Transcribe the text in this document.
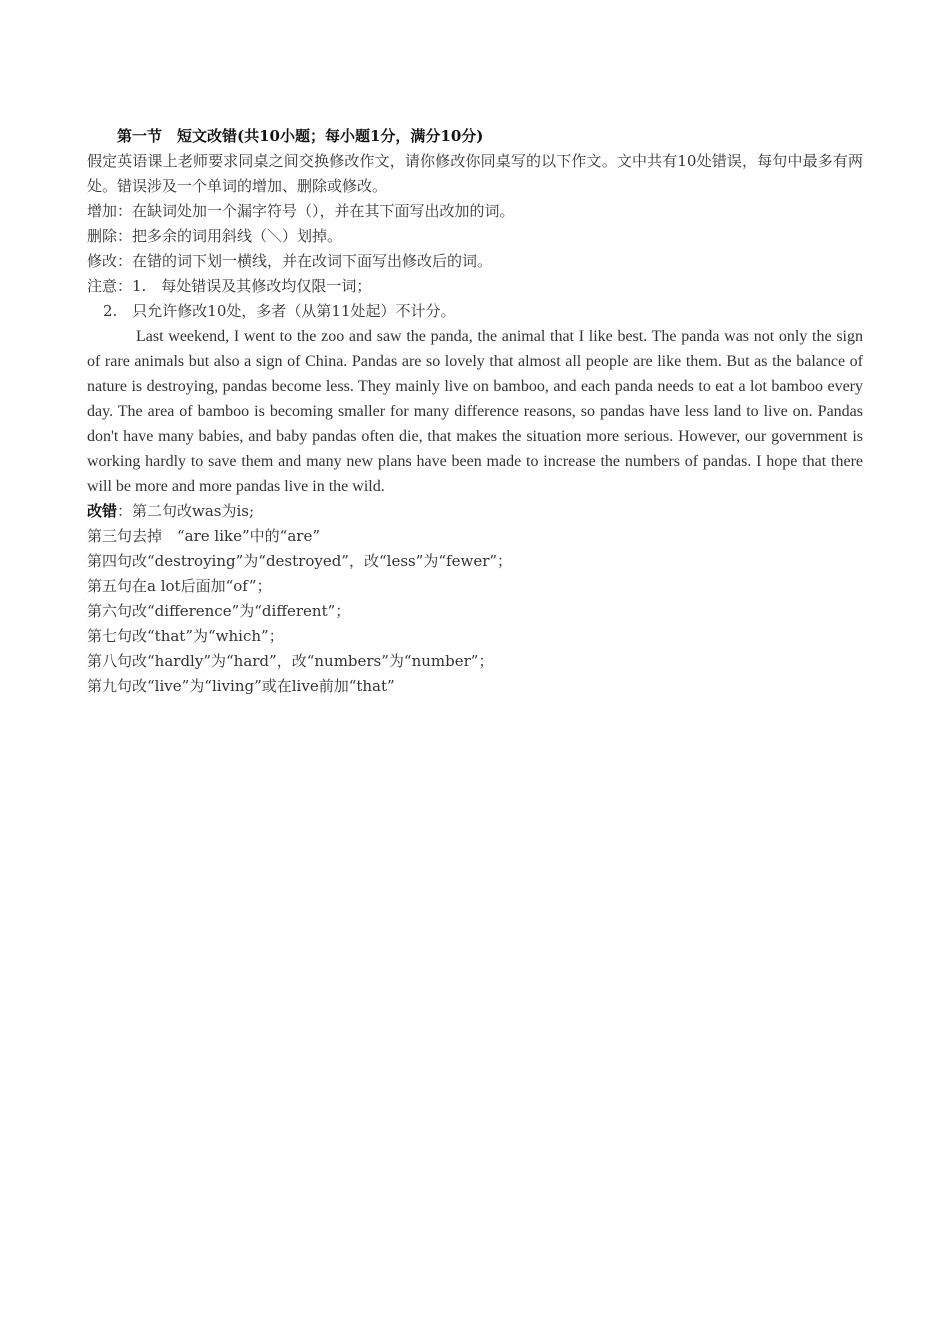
第一节　短文改错(共10小题；每小题1分，满分10分)
假定英语课上老师要求同桌之间交换修改作文，请你修改你同桌写的以下作文。文中共有10处错误，每句中最多有两处。错误涉及一个单词的增加、删除或修改。
增加：在缺词处加一个漏字符号（），并在其下面写出改加的词。
删除：把多余的词用斜线（＼）划掉。
修改：在错的词下划一横线，并在改词下面写出修改后的词。
注意：1.　每处错误及其修改均仅限一词；
2.　只允许修改10处，多者（从第11处起）不计分。
Last weekend, I went to the zoo and saw the panda, the animal that I like best. The panda was not only the sign of rare animals but also a sign of China. Pandas are so lovely that almost all people are like them. But as the balance of nature is destroying, pandas become less. They mainly live on bamboo, and each panda needs to eat a lot bamboo every day. The area of bamboo is becoming smaller for many difference reasons, so pandas have less land to live on. Pandas don't have many babies, and baby pandas often die, that makes the situation more serious. However, our government is working hardly to save them and many new plans have been made to increase the numbers of pandas. I hope that there will be more and more pandas live in the wild.
改错：第二句改was为is;
第三句去掉　“are like”中的“are”
第四句改“destroying”为“destroyed”，改“less”为“fewer”；
第五句在a lot后面加“of”；
第六句改“difference”为“different”；
第七句改“that”为“which”；
第八句改“hardly”为“hard”，改“numbers”为“number”；
第九句改“live”为“living”或在live前加“that”
